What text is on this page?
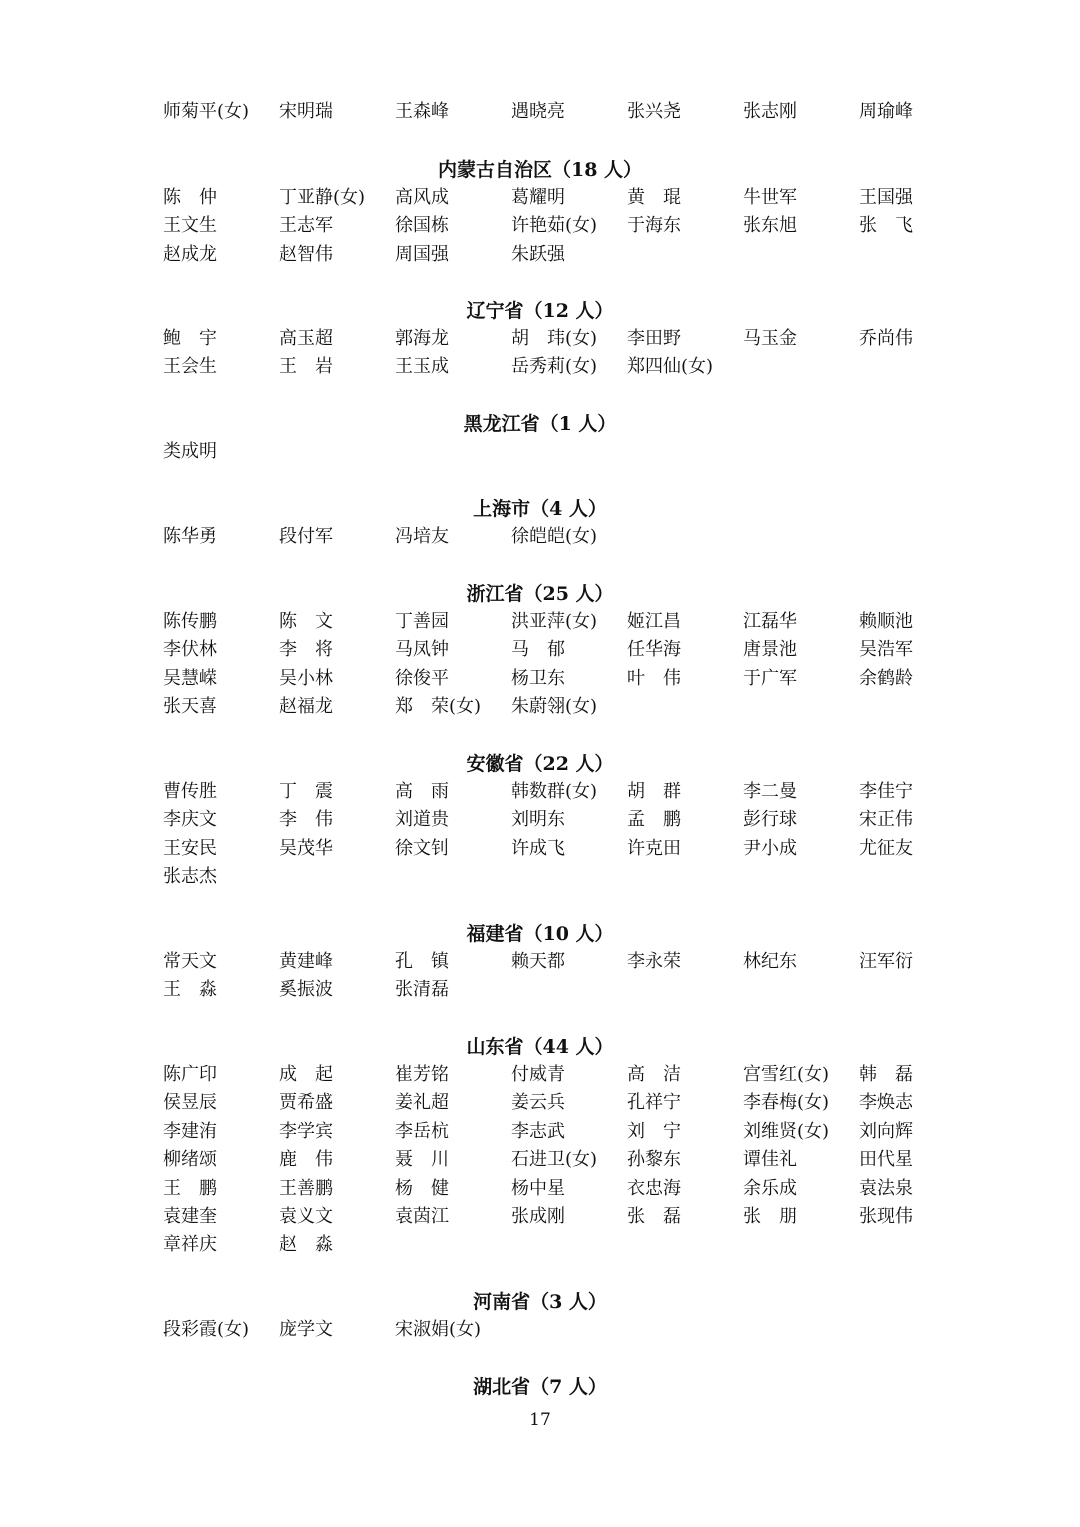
师菊平(女)	宋明瑞	王森峰	遇晓亮	张兴尧	张志刚	周瑜峰
内蒙古自治区（18 人）
陈　仲	丁亚静(女)	高风成	葛耀明	黄　琨	牛世军	王国强
王文生	王志军	徐国栋	许艳茹(女)	于海东	张东旭	张　飞
赵成龙	赵智伟	周国强	朱跃强
辽宁省（12 人）
鲍　宇	高玉超	郭海龙	胡　玮(女)	李田野	马玉金	乔尚伟
王会生	王　岩	王玉成	岳秀莉(女)	郑四仙(女)
黑龙江省（1 人）
类成明
上海市（4 人）
陈华勇	段付军	冯培友	徐皑皑(女)
浙江省（25 人）
陈传鹏	陈　文	丁善园	洪亚萍(女)	姬江昌	江磊华	赖顺池
李伏林	李　将	马凤钟	马　郁	任华海	唐景池	吴浩军
吴慧嵘	吴小林	徐俊平	杨卫东	叶　伟	于广军	余鹤龄
张天喜	赵福龙	郑　荣(女)	朱蔚翎(女)
安徽省（22 人）
曹传胜	丁　震	高　雨	韩数群(女)	胡　群	李二曼	李佳宁
李庆文	李　伟	刘道贵	刘明东	孟　鹏	彭行球	宋正伟
王安民	吴茂华	徐文钊	许成飞	许克田	尹小成	尤征友
张志杰
福建省（10 人）
常天文	黄建峰	孔　镇	赖天都	李永荣	林纪东	汪军衍
王　淼	奚振波	张清磊
山东省（44 人）
陈广印	成　起	崔芳铭	付威青	高　洁	宫雪红(女)	韩　磊
侯昱辰	贾希盛	姜礼超	姜云兵	孔祥宁	李春梅(女)	李焕志
李建洧	李学宾	李岳杭	李志武	刘　宁	刘维贤(女)	刘向辉
柳绪颂	鹿　伟	聂　川	石进卫(女)	孙黎东	谭佳礼	田代星
王　鹏	王善鹏	杨　健	杨中星	衣忠海	余乐成	袁法泉
袁建奎	袁义文	袁茵江	张成刚	张　磊	张　朋	张现伟
章祥庆	赵　淼
河南省（3 人）
段彩霞(女)	庞学文	宋淑娟(女)
湖北省（7 人）
17
